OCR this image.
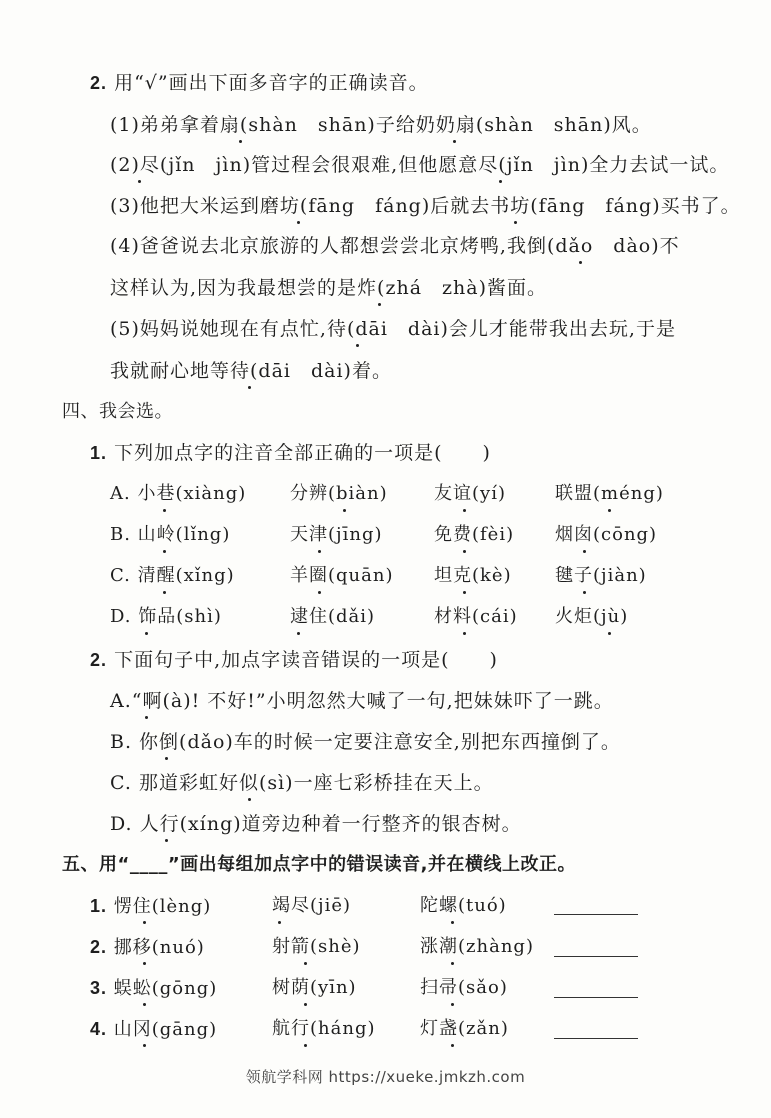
2. 用“√”画出下面多音字的正确读音。
(1)弟弟拿着扇(shàn　shān)子给奶奶扇(shàn　shān)风。
(2)尽(jǐn　jìn)管过程会很艰难,但他愿意尽(jǐn　jìn)全力去试一试。
(3)他把大米运到磨坊(fāng　fáng)后就去书坊(fāng　fáng)买书了。
(4)爸爸说去北京旅游的人都想尝尝北京烤鸭,我倒(dǎo　dào)不
这样认为,因为我最想尝的是炸(zhá　zhà)酱面。
(5)妈妈说她现在有点忙,待(dāi　dài)会儿才能带我出去玩,于是
我就耐心地等待(dāi　dài)着。
四、我会选。
1. 下列加点字的注音全部正确的一项是(　　)
A. 小巷(xiàng) 分辨(biàn)	友谊(yí)	联盟(méng)
B. 山岭(lǐng)	天津(jīng)	免费(fèi) 烟囱(cōng)
C. 清醒(xǐng)	羊圈(quān) 坦克(kè) 毽子(jiàn)
D. 饰品(shì)	逮住(dǎi)	材料(cái) 火炬(jù)
2. 下面句子中,加点字读音错误的一项是(　　)
A.“啊(à)! 不好!”小明忽然大喊了一句,把妹妹吓了一跳。
B. 你倒(dǎo)车的时候一定要注意安全,别把东西撞倒了。
C. 那道彩虹好似(sì)一座七彩桥挂在天上。
D. 人行(xíng)道旁边种着一行整齐的银杏树。
五、用“____”画出每组加点字中的错误读音,并在横线上改正。
1. 愣住(lèng)	竭尽(jiē)	陀螺(tuó)
2. 挪移(nuó)	射箭(shè)	涨潮(zhàng)
3. 蜈蚣(gōng)	树荫(yīn)	扫帚(sǎo)
4. 山冈(gāng)	航行(háng) 灯盏(zǎn)
领航学科网 https://xueke.jmkzh.com
